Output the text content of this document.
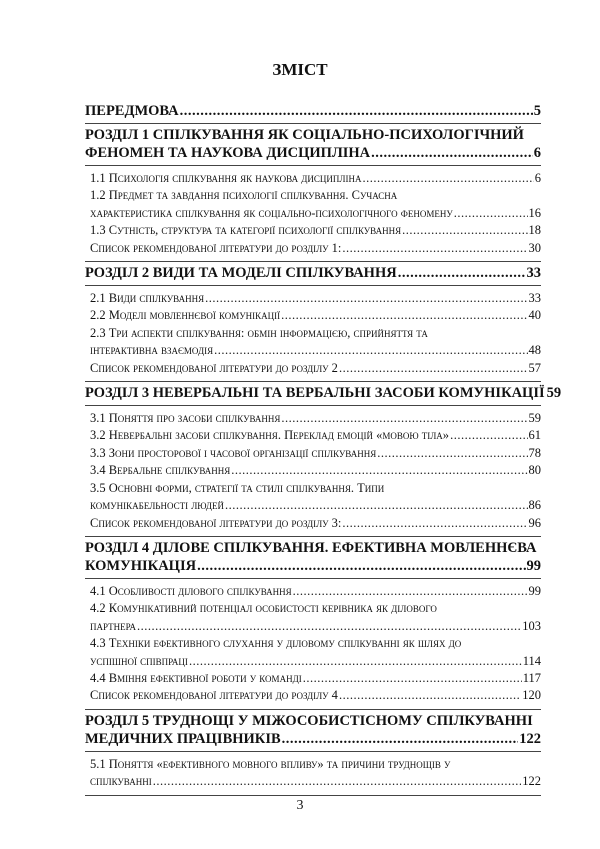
ЗМІСТ
ПЕРЕДМОВА .....	5
РОЗДІЛ 1 СПІЛКУВАННЯ ЯК СОЦІАЛЬНО-ПСИХОЛОГІЧНИЙ
ФЕНОМЕН ТА НАУКОВА ДИСЦИПЛІНА .....	6
1.1 Психологія спілкування як наукова дисципліна .....	6
1.2 Предмет та завдання психології спілкування. Сучасна
характеристика спілкування як соціально-психологічного феномену .....	16
1.3 Сутність, структура та категорії психології спілкування .....	18
Список рекомендованої літератури до розділу 1: .....	30
РОЗДІЛ 2 ВИДИ ТА МОДЕЛІ СПІЛКУВАННЯ .....	33
2.1 Види спілкування .....	33
2.2 Моделі мовленнєвої комунікації .....	40
2.3 Три аспекти спілкування: обмін інформацією, сприйняття та
інтерактивна взаємодія .....	48
Список рекомендованої літератури до розділу 2 .....	57
РОЗДІЛ 3 НЕВЕРБАЛЬНІ ТА ВЕРБАЛЬНІ ЗАСОБИ КОМУНІКАЦІЇ 59
3.1 Поняття про засоби спілкування .....	59
3.2 Невербальні засоби спілкування. Переклад емоцій «мовою тіла» .....	61
3.3 Зони просторової і часової організації спілкування .....	78
3.4 Вербальне спілкування .....	80
3.5 Основні форми, стратегії та стилі спілкування. Типи
комунікабельності людей .....	86
Список рекомендованої літератури до розділу 3: .....	96
РОЗДІЛ 4 ДІЛОВЕ СПІЛКУВАННЯ. ЕФЕКТИВНА МОВЛЕННЄВА
КОМУНІКАЦІЯ .....	99
4.1 Особливості ділового спілкування .....	99
4.2 Комунікативний потенціал особистості керівника як ділового
партнера .....	103
4.3 Техніки ефективного слухання у діловому спілкуванні як шлях до
успішної співпраці .....	114
4.4 Вміння ефективної роботи у команді .....	117
Список рекомендованої літератури до розділу 4 .....	120
РОЗДІЛ 5 ТРУДНОЩІ У МІЖОСОБИСТІСНОМУ СПІЛКУВАННІ
МЕДИЧНИХ ПРАЦІВНИКІВ .....	122
5.1 Поняття «ефективного мовного впливу» та причини труднощів у
спілкуванні .....	122
3
